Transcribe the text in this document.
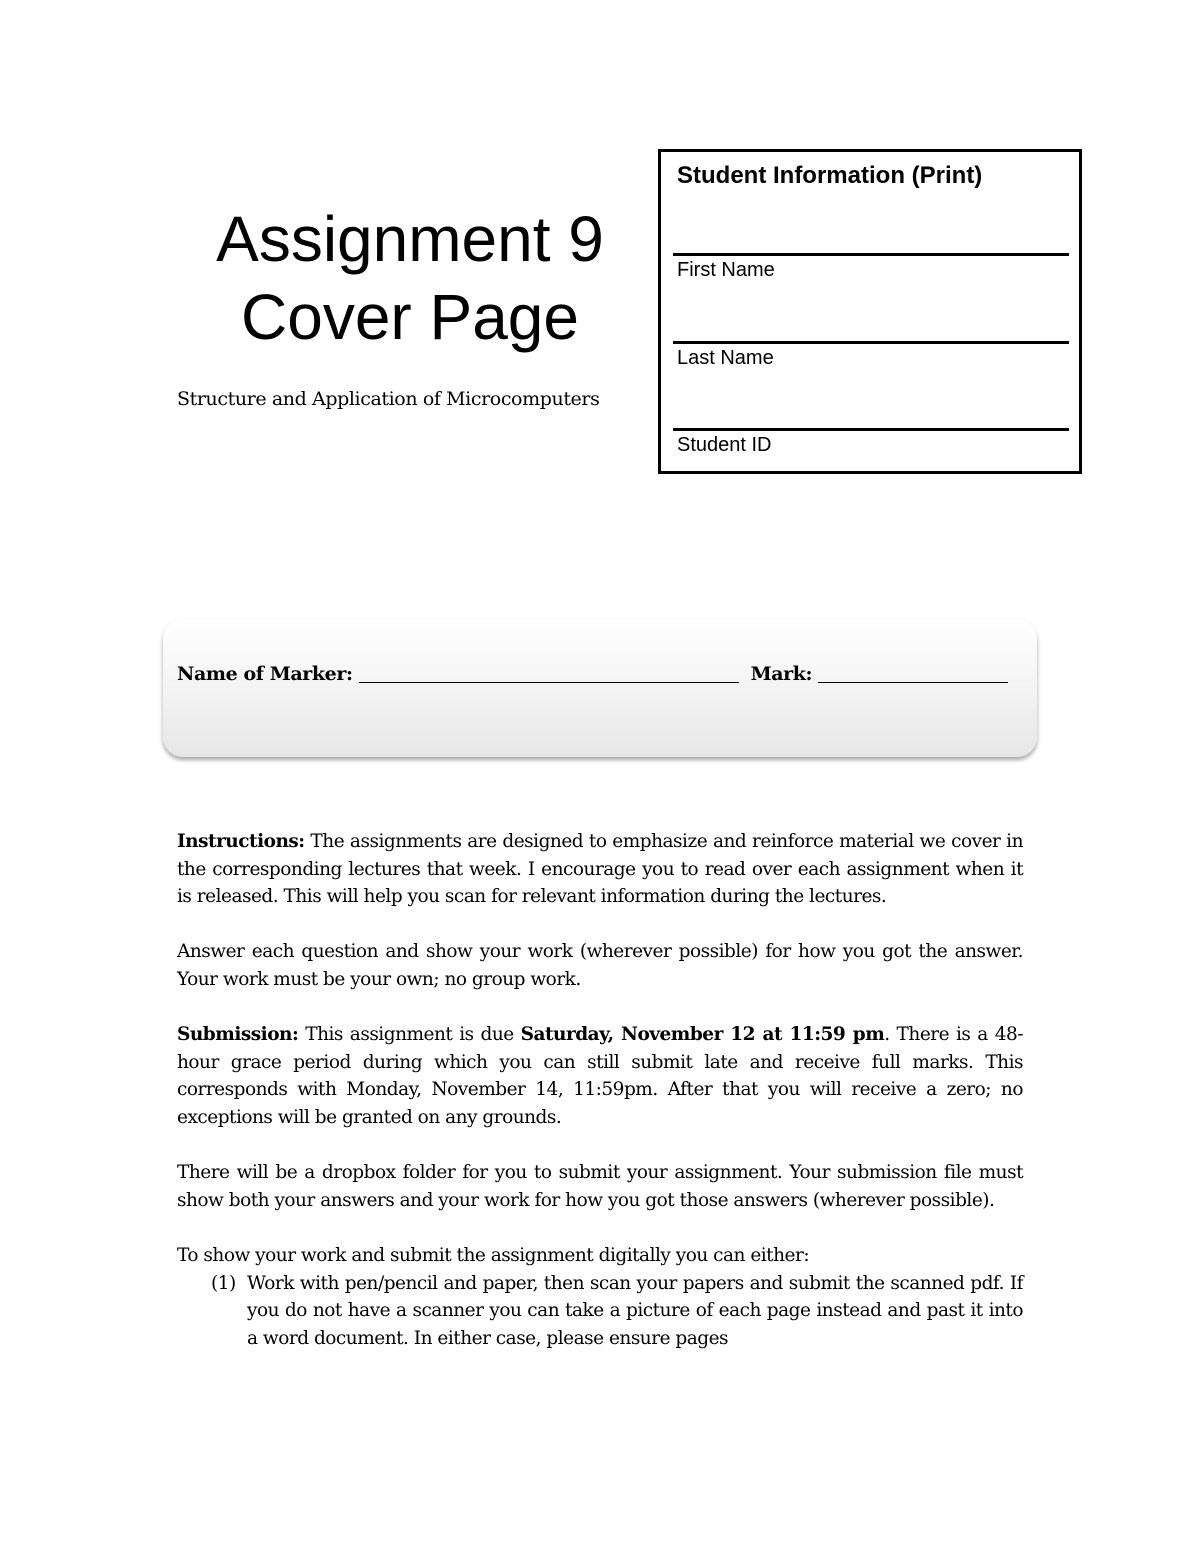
Assignment 9
Cover Page
Structure and Application of Microcomputers
Student Information (Print)
First Name
Last Name
Student ID
Name of Marker:	Mark:

Instructions: The assignments are designed to emphasize and reinforce material we cover in the corresponding lectures that week. I encourage you to read over each assignment when it is released. This will help you scan for relevant information during the lectures.

Answer each question and show your work (wherever possible) for how you got the answer. Your work must be your own; no group work.

Submission: This assignment is due Saturday, November 12 at 11:59 pm. There is a 48-hour grace period during which you can still submit late and receive full marks. This corresponds with Monday, November 14, 11:59pm. After that you will receive a zero; no exceptions will be granted on any grounds.

There will be a dropbox folder for you to submit your assignment. Your submission file must show both your answers and your work for how you got those answers (wherever possible).

To show your work and submit the assignment digitally you can either:

(1) Work with pen/pencil and paper, then scan your papers and submit the scanned pdf. If you do not have a scanner you can take a picture of each page instead and past it into a word document. In either case, please ensure pages
